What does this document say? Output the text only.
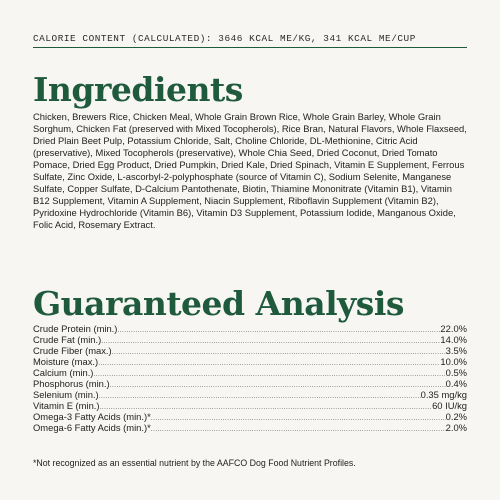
CALORIE CONTENT (CALCULATED): 3646 KCAL ME/KG, 341 KCAL ME/CUP
Ingredients

Chicken, Brewers Rice, Chicken Meal, Whole Grain Brown Rice, Whole Grain Barley, Whole Grain Sorghum, Chicken Fat (preserved with Mixed Tocopherols), Rice Bran, Natural Flavors, Whole Flaxseed, Dried Plain Beet Pulp, Potassium Chloride, Salt, Choline Chloride, DL-Methionine, Citric Acid (preservative), Mixed Tocopherols (preservative), Whole Chia Seed, Dried Coconut, Dried Tomato Pomace, Dried Egg Product, Dried Pumpkin, Dried Kale, Dried Spinach, Vitamin E Supplement, Ferrous Sulfate, Zinc Oxide, L-ascorbyl-2-polyphosphate (source of Vitamin C), Sodium Selenite, Manganese Sulfate, Copper Sulfate, D-Calcium Pantothenate, Biotin, Thiamine Mononitrate (Vitamin B1), Vitamin B12 Supplement, Vitamin A Supplement, Niacin Supplement, Riboflavin Supplement (Vitamin B2), Pyridoxine Hydrochloride (Vitamin B6), Vitamin D3 Supplement, Potassium Iodide, Manganous Oxide, Folic Acid, Rosemary Extract.

Guaranteed Analysis
Crude Protein (min.) .....	22.0%
Crude Fat (min.) .....	14.0%
Crude Fiber (max.) .....	3.5%
Moisture (max.) .....	10.0%
Calcium (min.) .....	0.5%
Phosphorus (min.) .....	0.4%
Selenium (min.) .....	0.35 mg/kg
Vitamin E (min.) .....	60 IU/kg
Omega-3 Fatty Acids (min.)* .....	0.2%
Omega-6 Fatty Acids (min.)* .....	2.0%
*Not recognized as an essential nutrient by the AAFCO Dog Food Nutrient Profiles.
